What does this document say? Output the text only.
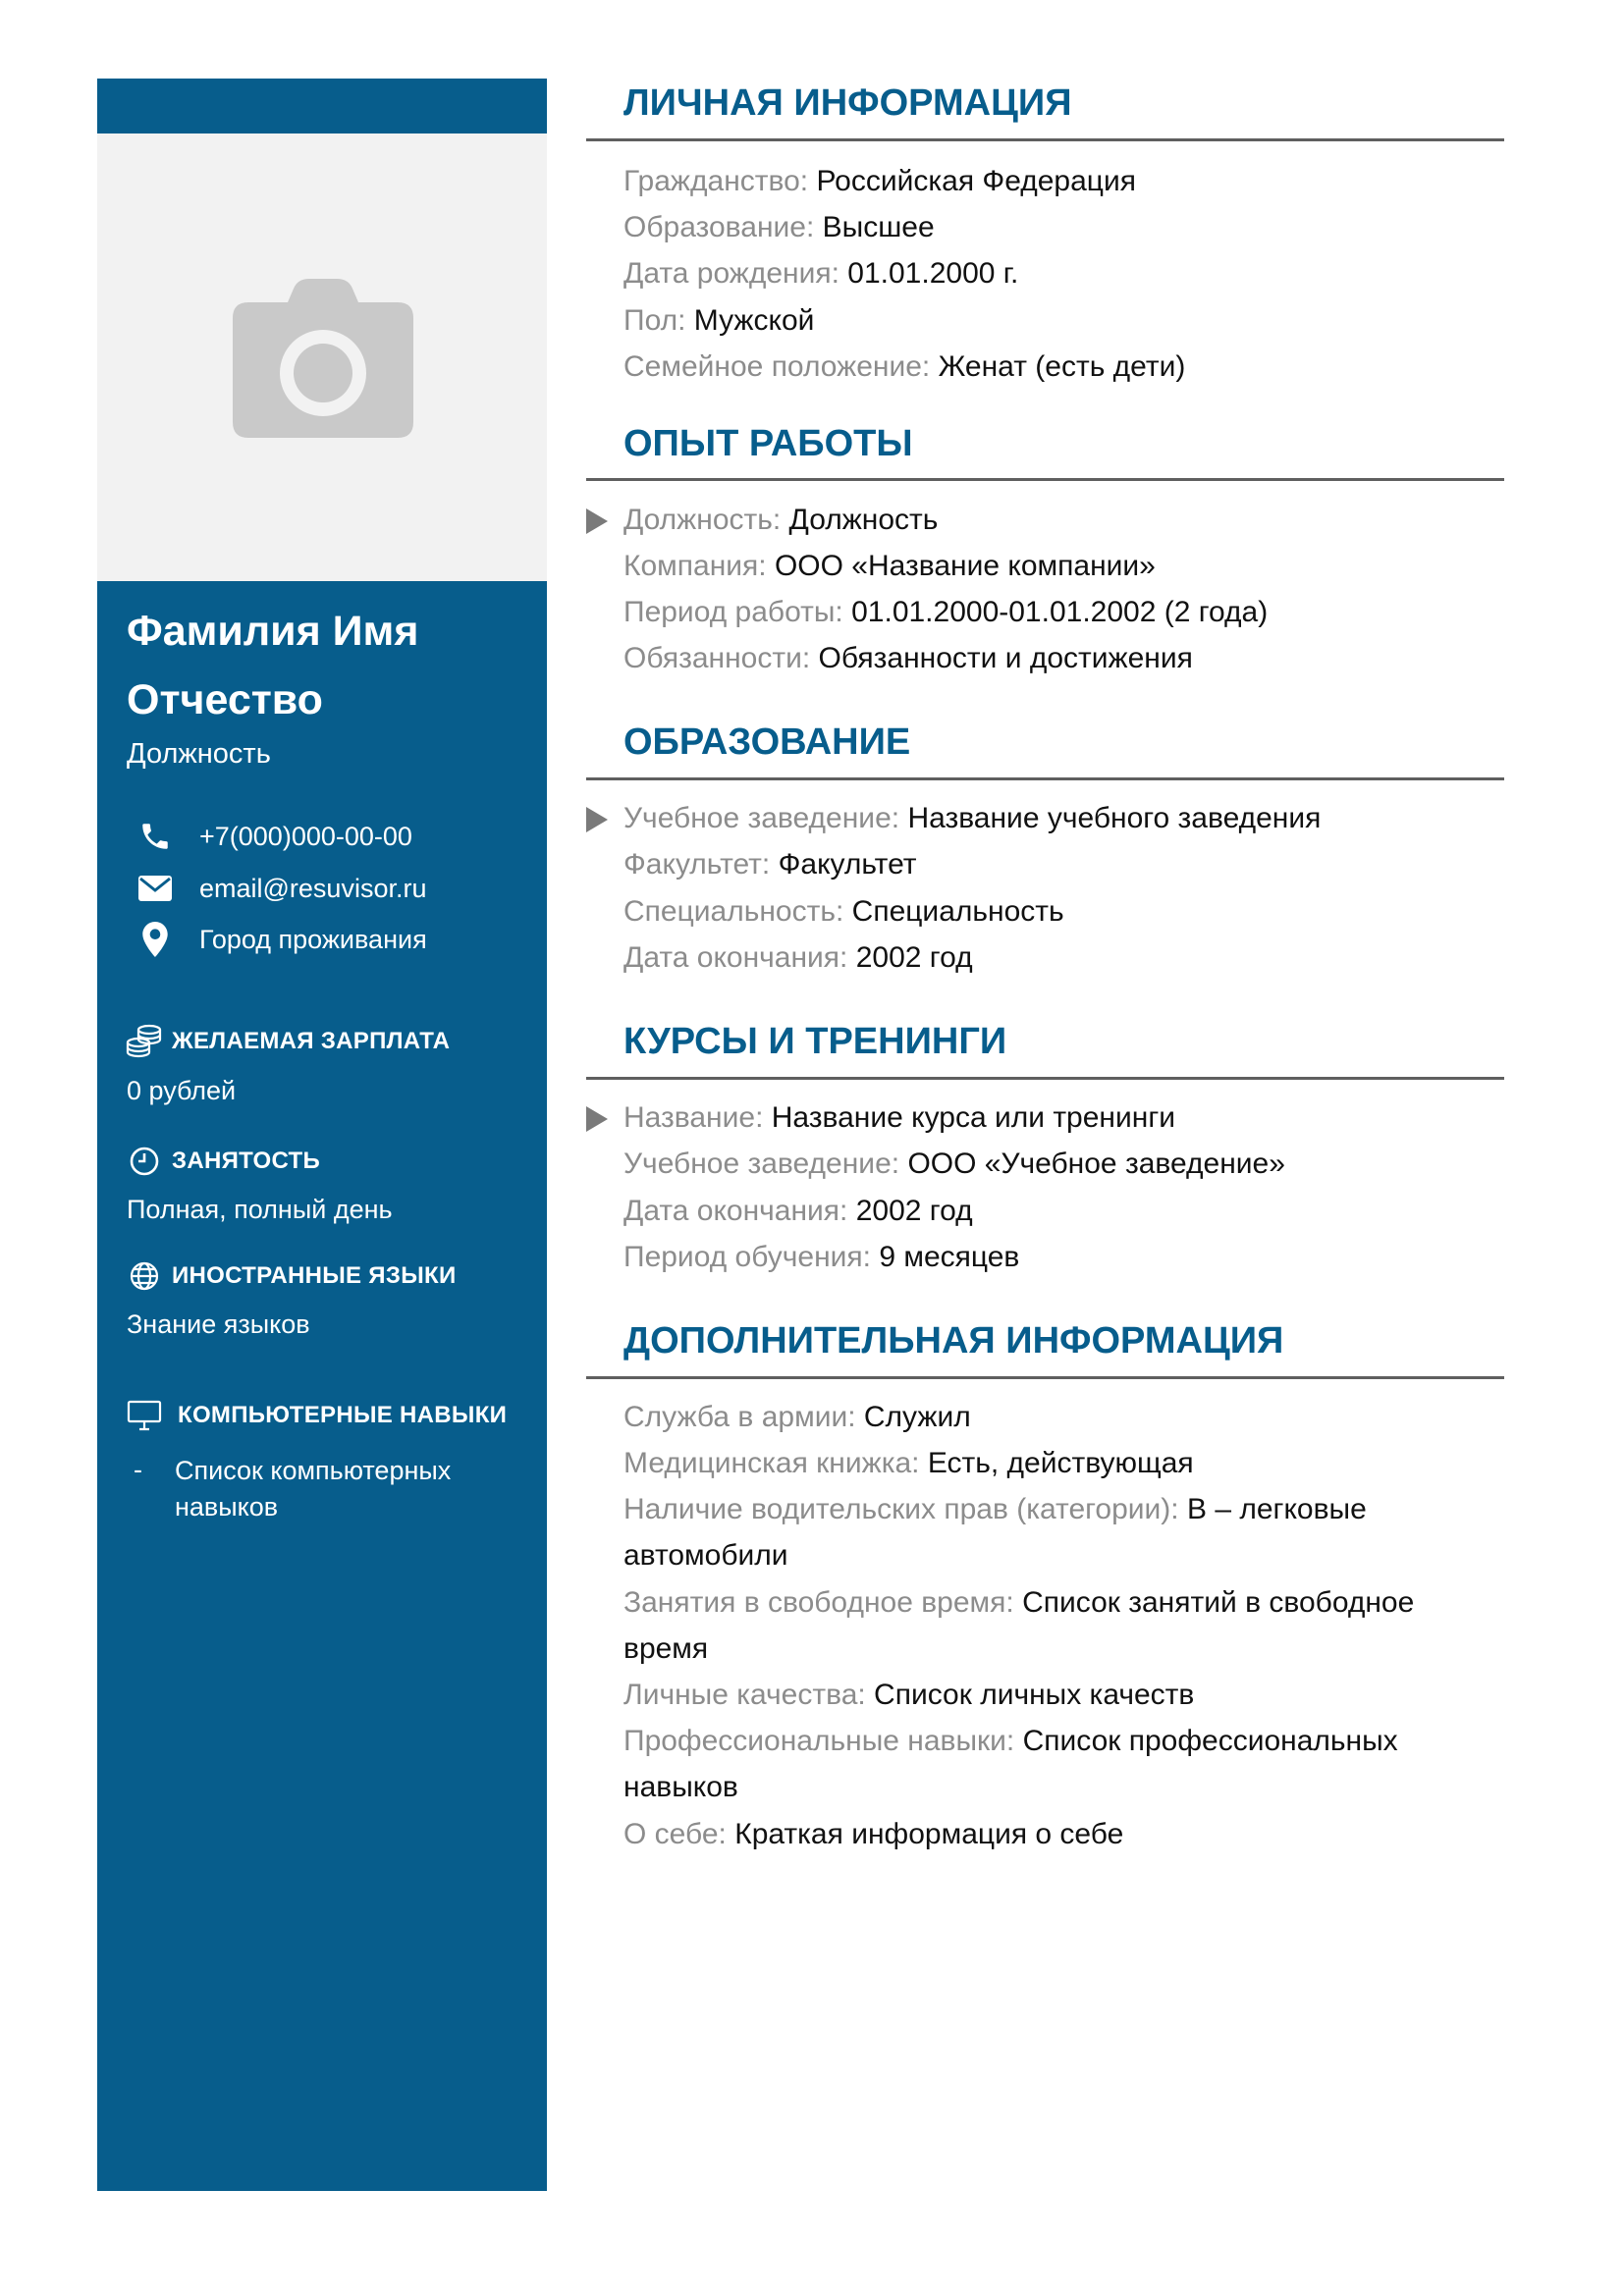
Фамилия Имя Отчество
Должность
+7(000)000-00-00
email@resuvisor.ru
Город проживания
ЖЕЛАЕМАЯ ЗАРПЛАТА
0 рублей
ЗАНЯТОСТЬ
Полная, полный день
ИНОСТРАННЫЕ ЯЗЫКИ
Знание языков
КОМПЬЮТЕРНЫЕ НАВЫКИ
- Список компьютерных навыков
ЛИЧНАЯ ИНФОРМАЦИЯ
Гражданство: Российская Федерация
Образование: Высшее
Дата рождения: 01.01.2000 г.
Пол: Мужской
Семейное положение: Женат (есть дети)
ОПЫТ РАБОТЫ
Должность: Должность
Компания: ООО «Название компании»
Период работы: 01.01.2000-01.01.2002 (2 года)
Обязанности: Обязанности и достижения
ОБРАЗОВАНИЕ
Учебное заведение: Название учебного заведения
Факультет: Факультет
Специальность: Специальность
Дата окончания: 2002 год
КУРСЫ И ТРЕНИНГИ
Название: Название курса или тренинги
Учебное заведение: ООО «Учебное заведение»
Дата окончания: 2002 год
Период обучения: 9 месяцев
ДОПОЛНИТЕЛЬНАЯ ИНФОРМАЦИЯ
Служба в армии: Служил
Медицинская книжка: Есть, действующая
Наличие водительских прав (категории): B – легковые автомобили
Занятия в свободное время: Список занятий в свободное время
Личные качества: Список личных качеств
Профессиональные навыки: Список профессиональных навыков
О себе: Краткая информация о себе
